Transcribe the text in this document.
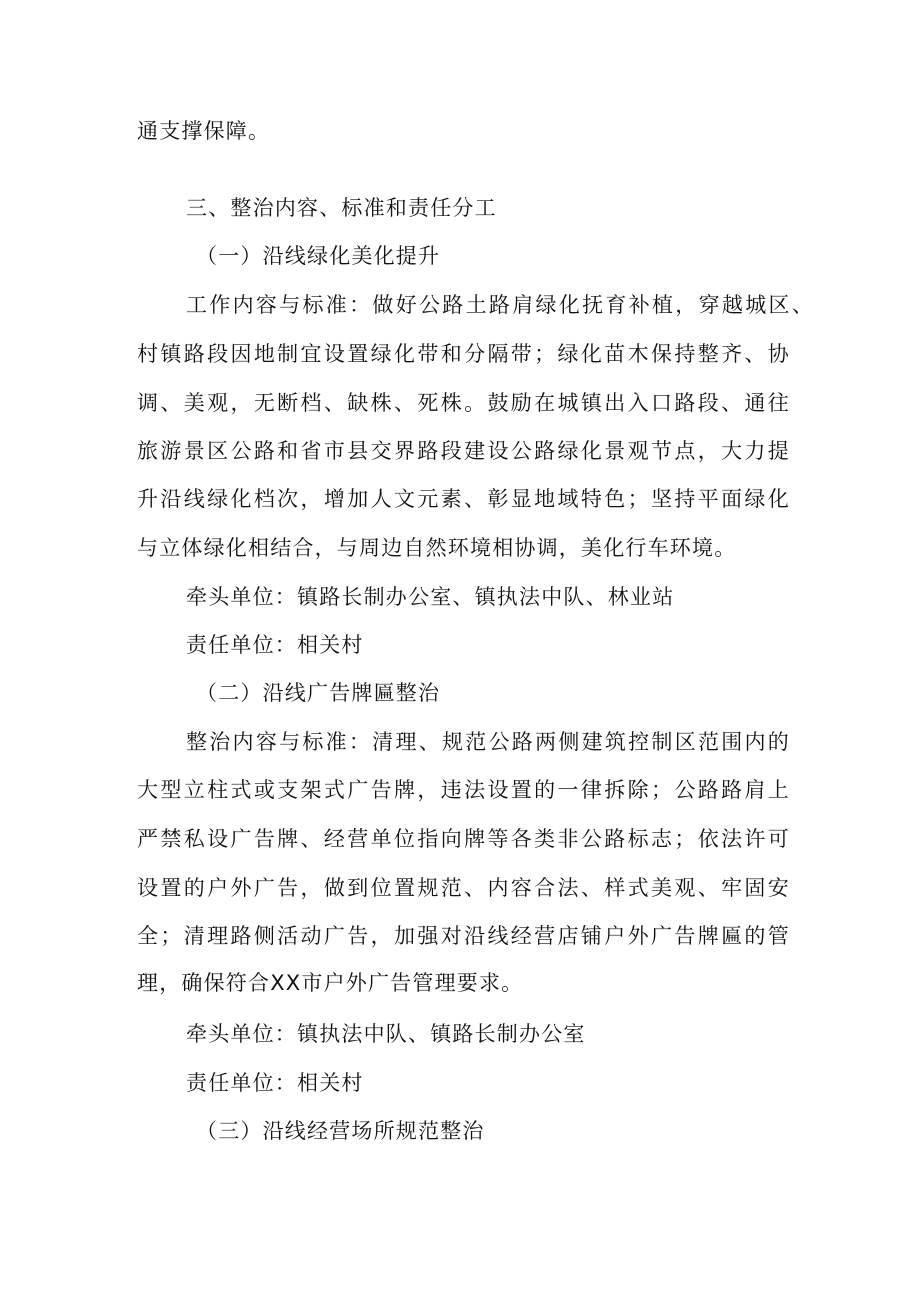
通支撑保障。
三、整治内容、标准和责任分工
（一）沿线绿化美化提升
工作内容与标准：做好公路土路肩绿化抚育补植，穿越城区、
村镇路段因地制宜设置绿化带和分隔带；绿化苗木保持整齐、协
调、美观，无断档、缺株、死株。鼓励在城镇出入口路段、通往
旅游景区公路和省市县交界路段建设公路绿化景观节点，大力提
升沿线绿化档次，增加人文元素、彰显地域特色；坚持平面绿化
与立体绿化相结合，与周边自然环境相协调，美化行车环境。
牵头单位：镇路长制办公室、镇执法中队、林业站
责任单位：相关村
（二）沿线广告牌匾整治
整治内容与标准：清理、规范公路两侧建筑控制区范围内的
大型立柱式或支架式广告牌，违法设置的一律拆除；公路路肩上
严禁私设广告牌、经营单位指向牌等各类非公路标志；依法许可
设置的户外广告，做到位置规范、内容合法、样式美观、牢固安
全；清理路侧活动广告，加强对沿线经营店铺户外广告牌匾的管
理，确保符合XX市户外广告管理要求。
牵头单位：镇执法中队、镇路长制办公室
责任单位：相关村
（三）沿线经营场所规范整治
